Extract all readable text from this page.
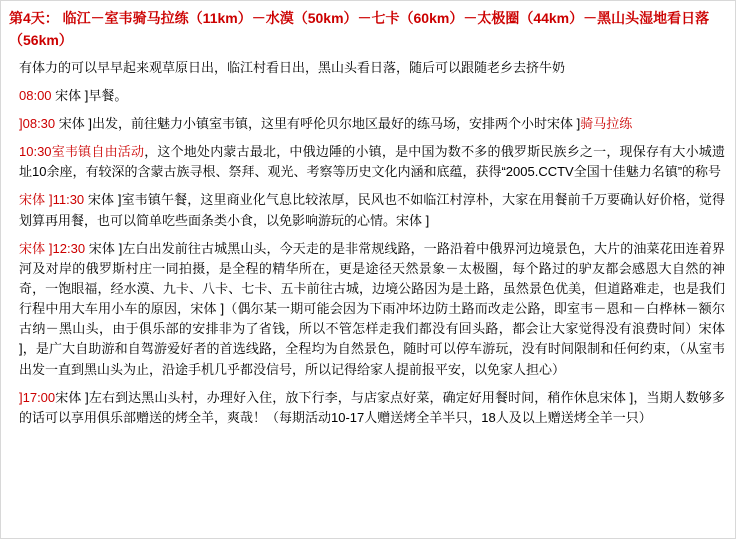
第4天： 临江－室韦骑马拉练（11km）－水漠（50km）－七卡（60km）－太极圈（44km）－黑山头湿地看日落（56km）

有体力的可以早早起来观草原日出，临江村看日出，黑山头看日落，随后可以跟随老乡去挤牛奶

08:00 宋体 ]早餐。

]08:30 宋体 ]出发，前往魅力小镇室韦镇，这里有呼伦贝尔地区最好的练马场，安排两个小时宋体 ]骑马拉练

10:30室韦镇自由活动，这个地处内蒙古最北，中俄边陲的小镇，是中国为数不多的俄罗斯民族乡之一，现保存有大小城遗址10余座，有较深的含蒙古族寻根、祭拜、观光、考察等历史文化内涵和底蕴，获得“2005.CCTV全国十佳魅力名镇”的称号

宋体 ]11:30 宋体 ]室韦镇午餐，这里商业化气息比较浓厚，民风也不如临江村淳朴，大家在用餐前千万要确认好价格，觉得划算再用餐，也可以简单吃些面条类小食，以免影响游玩的心情。宋体 ]

宋体 ]12:30 宋体 ]左白出发前往古城黑山头，今天走的是非常规线路，一路沿着中俄界河边境景色，大片的油菜花田连着界河及对岸的俄罗斯村庄一同拍摄，是全程的精华所在，更是途径天然景象－太极圈，每个路过的驴友都会感恩大自然的神奇，一饱眼福，经水漠、九卡、八卡、七卡、五卡前往古城，边境公路因为是土路，虽然景色优美，但道路难走，也是我们行程中用大车用小车的原因，宋体 ]（偶尔某一期可能会因为下雨冲坏边防土路而改走公路，即室韦－恩和－白桦林－额尔古纳－黑山头，由于俱乐部的安排非为了省钱，所以不管怎样走我们都没有回头路，都会让大家觉得没有浪费时间）宋体 ]，是广大自助游和自驾游爱好者的首选线路，全程均为自然景色，随时可以停车游玩，没有时间限制和任何约束，（从室韦出发一直到黑山头为止，沿途手机几乎都没信号，所以记得给家人提前报平安，以免家人担心）

]17:00宋体 ]左右到达黑山头村，办理好入住，放下行李，与店家点好菜，确定好用餐时间，稍作休息宋体 ]，当期人数够多的话可以享用俱乐部赠送的烤全羊，爽哉！（每期活动10-17人赠送烤全羊半只，18人及以上赠送烤全羊一只）
